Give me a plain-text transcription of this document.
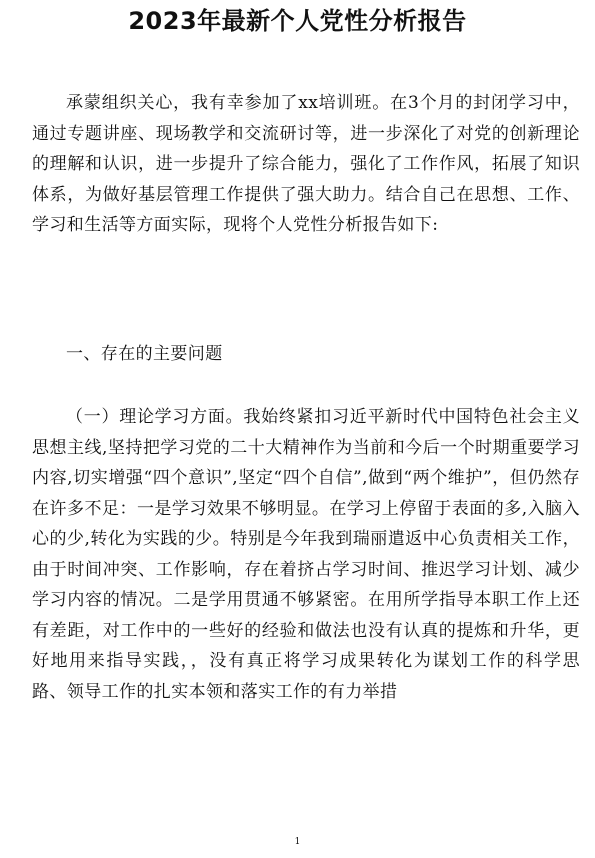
2023年最新个人党性分析报告

承蒙组织关心，我有幸参加了xx培训班。在3个月的封闭学习中，通过专题讲座、现场教学和交流研讨等，进一步深化了对党的创新理论的理解和认识，进一步提升了综合能力，强化了工作作风，拓展了知识体系，为做好基层管理工作提供了强大助力。结合自己在思想、工作、学习和生活等方面实际，现将个人党性分析报告如下:

一、存在的主要问题

（一）理论学习方面。我始终紧扣习近平新时代中国特色社会主义思想主线,坚持把学习党的二十大精神作为当前和今后一个时期重要学习内容,切实增强“四个意识”,坚定“四个自信”,做到“两个维护”，但仍然存在许多不足：一是学习效果不够明显。在学习上停留于表面的多,入脑入心的少,转化为实践的少。特别是今年我到瑞丽遣返中心负责相关工作，由于时间冲突、工作影响，存在着挤占学习时间、推迟学习计划、减少学习内容的情况。二是学用贯通不够紧密。在用所学指导本职工作上还有差距，对工作中的一些好的经验和做法也没有认真的提炼和升华，更好地用来指导实践，，没有真正将学习成果转化为谋划工作的科学思路、领导工作的扎实本领和落实工作的有力举措

1
